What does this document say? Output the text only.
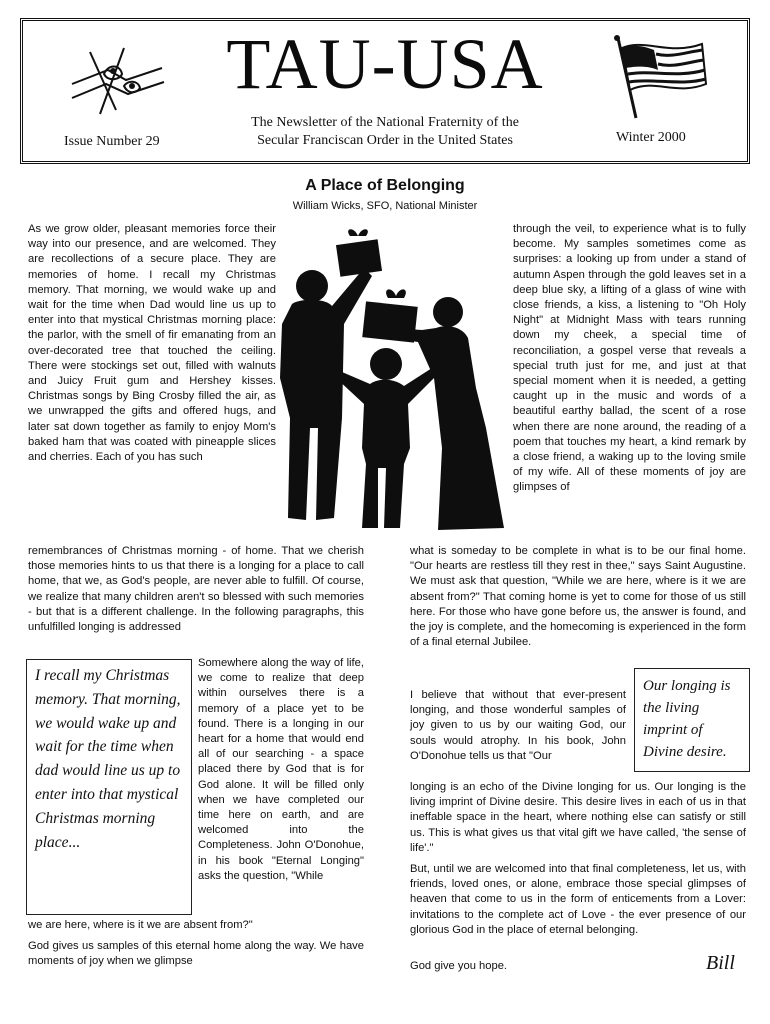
TAU-USA
The Newsletter of the National Fraternity of the
Secular Franciscan Order in the United States
Issue Number 29	Winter 2000
A Place of Belonging
William Wicks, SFO, National Minister

As we grow older, pleasant memories force their way into our presence, and are welcomed. They are recollections of a secure place. They are memories of home. I recall my Christmas memory. That morning, we would wake up and wait for the time when Dad would line us up to enter into that mystical Christmas morning place: the parlor, with the smell of fir emanating from an over-decorated tree that touched the ceiling. There were stockings set out, filled with walnuts and Juicy Fruit gum and Hershey kisses. Christmas songs by Bing Crosby filled the air, as we unwrapped the gifts and offered hugs, and later sat down together as family to enjoy Mom's baked ham that was coated with pineapple slices and cherries. Each of you has such

remembrances of Christmas morning - of home. That we cherish those memories hints to us that there is a longing for a place to call home, that we, as God's people, are never able to fulfill. Of course, we realize that many children aren't so blessed with such memories - but that is a different challenge. In the following paragraphs, this unfulfilled longing is addressed

I recall my Christmas memory. That morning, we would wake up and wait for the time when dad would line us up to enter into that mystical Christmas morning place...

Somewhere along the way of life, we come to realize that deep within ourselves there is a memory of a place yet to be found. There is a longing in our heart for a home that would end all of our searching - a space placed there by God that is for God alone. It will be filled only when we have completed our time here on earth, and are welcomed into the Completeness. John O'Donohue, in his book "Eternal Longing" asks the question, "While

we are here, where is it we are absent from?"

God gives us samples of this eternal home along the way. We have moments of joy when we glimpse

through the veil, to experience what is to fully become. My samples sometimes come as surprises: a looking up from under a stand of autumn Aspen through the gold leaves set in a deep blue sky, a lifting of a glass of wine with close friends, a kiss, a listening to "Oh Holy Night" at Midnight Mass with tears running down my cheek, a special time of reconciliation, a gospel verse that reveals a special truth just for me, and just at that special moment when it is needed, a getting caught up in the music and words of a beautiful earthy ballad, the scent of a rose when there are none around, the reading of a poem that touches my heart, a kind remark by a close friend, a waking up to the loving smile of my wife. All of these moments of joy are glimpses of

what is someday to be complete in what is to be our final home. "Our hearts are restless till they rest in thee," says Saint Augustine. We must ask that question, "While we are here, where is it we are absent from?" That coming home is yet to come for those of us still here. For those who have gone before us, the answer is found, and the joy is complete, and the homecoming is experienced in the form of a final eternal Jubilee.

Our longing is the living imprint of Divine desire.

I believe that without that ever-present longing, and those wonderful samples of joy given to us by our waiting God, our souls would atrophy. In his book, John O'Donohue tells us that "Our

longing is an echo of the Divine longing for us. Our longing is the living imprint of Divine desire. This desire lives in each of us in that ineffable space in the heart, where nothing else can satisfy or still us. This is what gives us that vital gift we have called, 'the sense of life'."

But, until we are welcomed into that final completeness, let us, with friends, loved ones, or alone, embrace those special glimpses of heaven that come to us in the form of enticements from a Lover: invitations to the complete act of Love - the ever presence of our glorious God in the place of eternal belonging.

God give you hope.	Bill
